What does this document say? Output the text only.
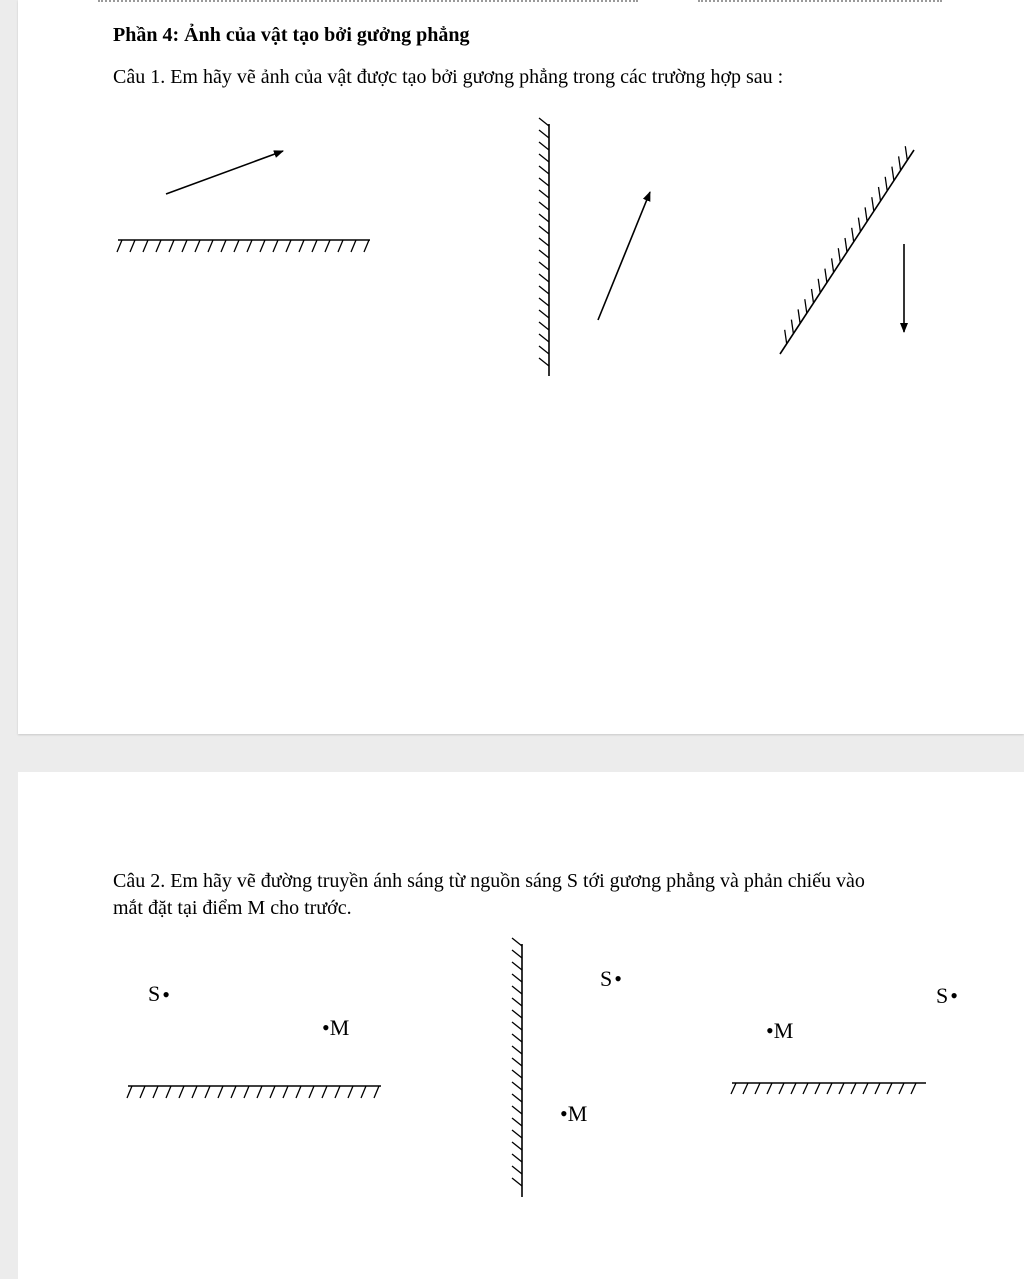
Phần 4: Ảnh của vật tạo bởi gưởng phẳng
Câu 1. Em hãy vẽ ảnh của vật được tạo bởi gương phẳng trong các trường hợp sau :
Câu 2. Em hãy vẽ đường truyền ánh sáng từ nguồn sáng S tới gương phẳng và phản chiếu vào
mắt đặt tại điểm M cho trước.
S•
•M
S•
•M
S•
•M
